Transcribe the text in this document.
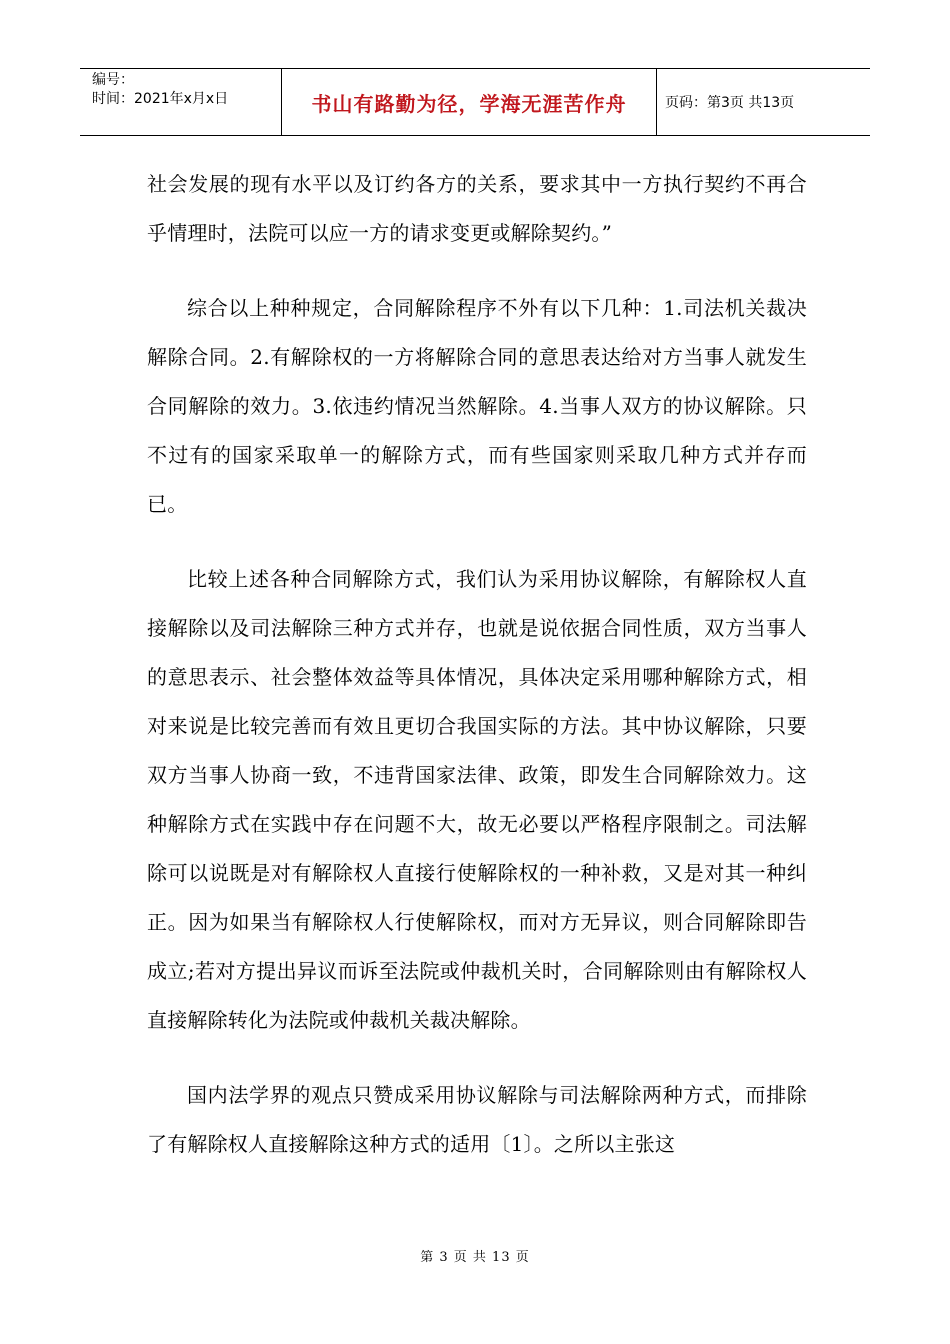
编号：
时间：2021年x月x日	书山有路勤为径，学海无涯苦作舟	页码：第3页 共13页

社会发展的现有水平以及订约各方的关系，要求其中一方执行契约不再合乎情理时，法院可以应一方的请求变更或解除契约。”

综合以上种种规定，合同解除程序不外有以下几种：1.司法机关裁决解除合同。2.有解除权的一方将解除合同的意思表达给对方当事人就发生合同解除的效力。3.依违约情况当然解除。4.当事人双方的协议解除。只不过有的国家采取单一的解除方式，而有些国家则采取几种方式并存而已。

比较上述各种合同解除方式，我们认为采用协议解除，有解除权人直接解除以及司法解除三种方式并存，也就是说依据合同性质，双方当事人的意思表示、社会整体效益等具体情况，具体决定采用哪种解除方式，相对来说是比较完善而有效且更切合我国实际的方法。其中协议解除，只要双方当事人协商一致，不违背国家法律、政策，即发生合同解除效力。这种解除方式在实践中存在问题不大，故无必要以严格程序限制之。司法解除可以说既是对有解除权人直接行使解除权的一种补救，又是对其一种纠正。因为如果当有解除权人行使解除权，而对方无异议，则合同解除即告成立;若对方提出异议而诉至法院或仲裁机关时，合同解除则由有解除权人直接解除转化为法院或仲裁机关裁决解除。

国内法学界的观点只赞成采用协议解除与司法解除两种方式，而排除了有解除权人直接解除这种方式的适用〔1〕。之所以主张这

第 3 页 共 13 页
